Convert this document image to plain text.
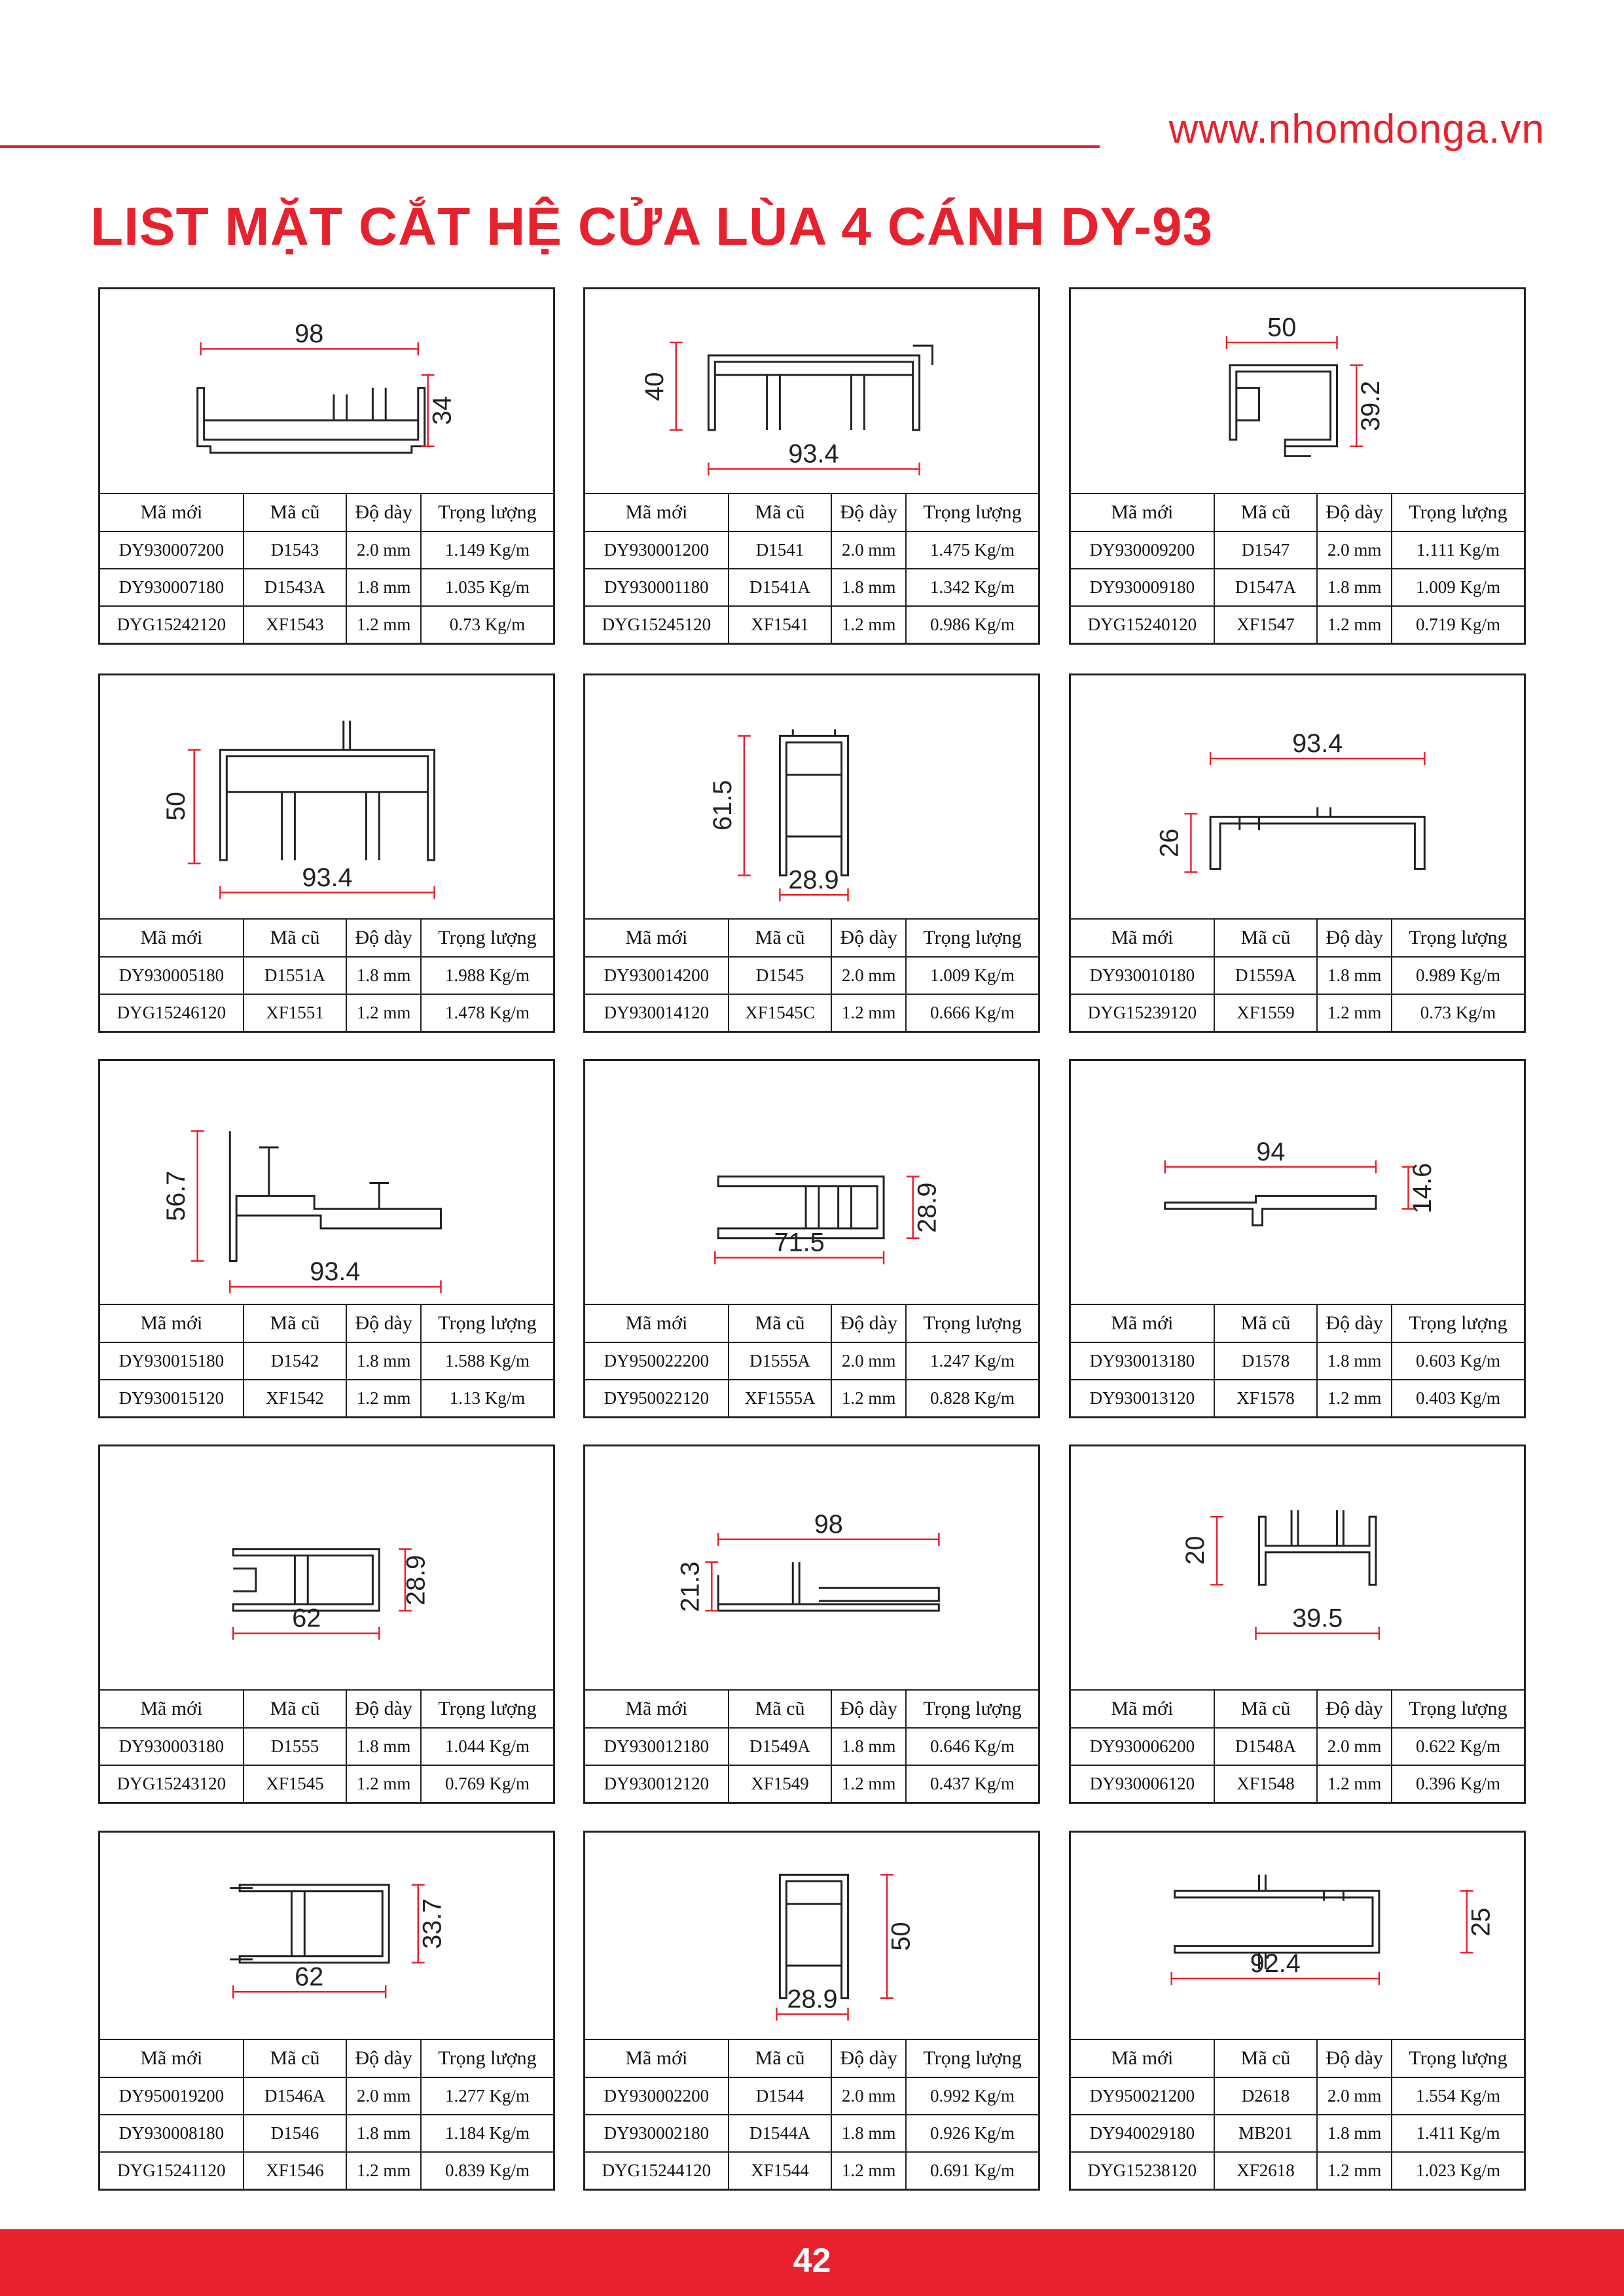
www.nhomdonga.vn
LIST MẶT CẮT HỆ CỬA LÙA 4 CÁNH DY-93
98
34
Mã mới	Mã cũ	Độ dày	Trọng lượng
DY930007200	D1543	2.0 mm	1.149 Kg/m
DY930007180	D1543A	1.8 mm	1.035 Kg/m
DYG15242120	XF1543	1.2 mm	0.73 Kg/m
40
93.4
Mã mới	Mã cũ	Độ dày	Trọng lượng
DY930001200	D1541	2.0 mm	1.475 Kg/m
DY930001180	D1541A	1.8 mm	1.342 Kg/m
DYG15245120	XF1541	1.2 mm	0.986 Kg/m
50
39.2
Mã mới	Mã cũ	Độ dày	Trọng lượng
DY930009200	D1547	2.0 mm	1.111 Kg/m
DY930009180	D1547A	1.8 mm	1.009 Kg/m
DYG15240120	XF1547	1.2 mm	0.719 Kg/m
50
93.4
Mã mới	Mã cũ	Độ dày	Trọng lượng
DY930005180	D1551A	1.8 mm	1.988 Kg/m
DYG15246120	XF1551	1.2 mm	1.478 Kg/m
61.5
28.9
Mã mới	Mã cũ	Độ dày	Trọng lượng
DY930014200	D1545	2.0 mm	1.009 Kg/m
DY930014120	XF1545C	1.2 mm	0.666 Kg/m
93.4
26
Mã mới	Mã cũ	Độ dày	Trọng lượng
DY930010180	D1559A	1.8 mm	0.989 Kg/m
DYG15239120	XF1559	1.2 mm	0.73 Kg/m
56.7
93.4
Mã mới	Mã cũ	Độ dày	Trọng lượng
DY930015180	D1542	1.8 mm	1.588 Kg/m
DY930015120	XF1542	1.2 mm	1.13 Kg/m
28.9
71.5
Mã mới	Mã cũ	Độ dày	Trọng lượng
DY950022200	D1555A	2.0 mm	1.247 Kg/m
DY950022120	XF1555A	1.2 mm	0.828 Kg/m
94
14.6
Mã mới	Mã cũ	Độ dày	Trọng lượng
DY930013180	D1578	1.8 mm	0.603 Kg/m
DY930013120	XF1578	1.2 mm	0.403 Kg/m
28.9
62
Mã mới	Mã cũ	Độ dày	Trọng lượng
DY930003180	D1555	1.8 mm	1.044 Kg/m
DYG15243120	XF1545	1.2 mm	0.769 Kg/m
98
21.3
Mã mới	Mã cũ	Độ dày	Trọng lượng
DY930012180	D1549A	1.8 mm	0.646 Kg/m
DY930012120	XF1549	1.2 mm	0.437 Kg/m
20
39.5
Mã mới	Mã cũ	Độ dày	Trọng lượng
DY930006200	D1548A	2.0 mm	0.622 Kg/m
DY930006120	XF1548	1.2 mm	0.396 Kg/m
33.7
62
Mã mới	Mã cũ	Độ dày	Trọng lượng
DY950019200	D1546A	2.0 mm	1.277 Kg/m
DY930008180	D1546	1.8 mm	1.184 Kg/m
DYG15241120	XF1546	1.2 mm	0.839 Kg/m
50
28.9
Mã mới	Mã cũ	Độ dày	Trọng lượng
DY930002200	D1544	2.0 mm	0.992 Kg/m
DY930002180	D1544A	1.8 mm	0.926 Kg/m
DYG15244120	XF1544	1.2 mm	0.691 Kg/m
25
92.4
Mã mới	Mã cũ	Độ dày	Trọng lượng
DY950021200	D2618	2.0 mm	1.554 Kg/m
DY940029180	MB201	1.8 mm	1.411 Kg/m
DYG15238120	XF2618	1.2 mm	1.023 Kg/m
42
